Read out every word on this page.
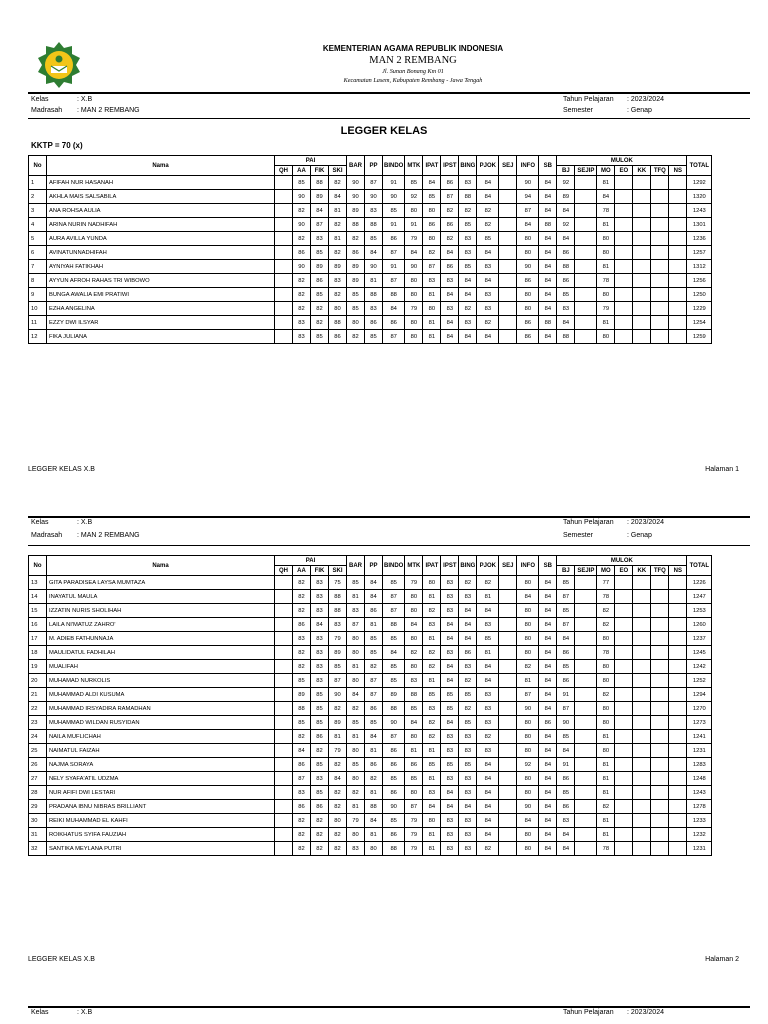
KEMENTERIAN AGAMA REPUBLIK INDONESIA
MAN 2 REMBANG
Jl. Sunan Bonang Km 01
Kecamatan Lasem, Kabupaten Rembang - Jawa Tengah
Kelas	: X.B
Madrasah : MAN 2 REMBANG
Tahun Pelajaran : 2023/2024
Semester	: Genap
LEGGER KELAS
KKTP = 70 (x)
No	Nama	PAI				BAR	PP	BINDO	MTK	IPAT	IPST	BING	PJOK	SEJ	INFO	SB	MULOK							TOTAL
		QH	AA	FIK	SKI												BJ	SEJIP	MO	EO	KK	TFQ	NS	
1	AFIFAH NUR HASANAH		85	88	82	90	87	91	85	84	86	83	84		90	84	92		81					1292
2	AKHLA MAIS SALSABILA		90	89	84	90	90	90	92	85	87	88	84		94	84	89		84					1320
3	ANA ROHSA AULIA		82	84	81	89	83	85	80	80	82	82	82		87	84	84		78					1243
4	ARINA NURIN NADHIFAH		90	87	82	88	88	91	91	86	86	85	82		84	88	92		81					1301
5	AURA AVILLA YUNDA		82	83	81	82	85	86	79	80	82	83	85		80	84	84		80					1236
6	AVINATUNNADHIFAH		86	85	82	86	84	87	84	82	84	83	84		80	84	86		80					1257
7	AYNIYAH FATIKHAH		90	89	89	89	90	91	90	87	86	85	83		90	84	88		81					1312
8	AYYUN AFROH RAHAS TRI WIBOWO		82	86	83	89	81	87	80	83	83	84	84		86	84	86		78					1256
9	BUNGA AWALIA EMI PRATIWI		82	85	82	85	88	88	80	81	84	84	83		80	84	85		80					1250
10	EZHA ANGELINA		82	82	80	85	83	84	79	80	83	82	83		80	84	83		79					1229
11	EZZY DWI ILSYAR		83	82	88	80	86	86	80	81	84	83	82		86	88	84		81					1254
12	FIKA JULIANA		83	85	86	82	85	87	80	81	84	84	84		86	84	88		80					1259
LEGGER KELAS X.B	Halaman 1
Kelas	: X.B
Madrasah : MAN 2 REMBANG
Tahun Pelajaran : 2023/2024
Semester	: Genap
No	Nama	PAI				BAR	PP	BINDO	MTK	IPAT	IPST	BING	PJOK	SEJ	INFO	SB	MULOK							TOTAL
		QH	AA	FIK	SKI												BJ	SEJIP	MO	EO	KK	TFQ	NS	
13	GITA PARADISEA LAYSA MUMTAZA		82	83	75	85	84	85	79	80	83	82	82		80	84	85		77					1226
14	INAYATUL MAULA		82	83	88	81	84	87	80	81	83	83	81		84	84	87		78					1247
15	IZZATIN NURIS SHOLIHAH		82	83	88	83	86	87	80	82	83	84	84		80	84	85		82					1253
16	LAILA NI'MATUZ ZAHRO'		86	84	83	87	81	88	84	83	84	84	83		80	84	87		82					1260
17	M. ADIEB FATHUNNAJA		83	83	79	80	85	85	80	81	84	84	85		80	84	84		80					1237
18	MAULIDATUL FADHILAH		82	83	89	80	85	84	82	82	83	86	81		80	84	86		78					1245
19	MUALIFAH		82	83	85	81	82	85	80	82	84	83	84		82	84	85		80					1242
20	MUHAMAD NURKOLIS		85	83	87	80	87	85	83	81	84	82	84		81	84	86		80					1252
21	MUHAMMAD ALDI KUSUMA		89	85	90	84	87	89	88	85	85	85	83		87	84	91		82					1294
22	MUHAMMAD IRSYADIRA RAMADHAN		88	85	82	82	86	88	85	83	85	82	83		90	84	87		80					1270
23	MUHAMMAD WILDAN RUSYIDAN		85	85	89	85	85	90	84	82	84	85	83		80	86	90		80					1273
24	NAILA MUFLICHAH		82	86	81	81	84	87	80	82	83	83	82		80	84	85		81					1241
25	NAIMATUL FAIZAH		84	82	79	80	81	86	81	81	83	83	83		80	84	84		80					1231
26	NAJMA SORAYA		86	85	82	85	86	86	86	85	85	85	84		92	84	91		81					1283
27	NELY SYAFA'ATIL UDZMA		87	83	84	80	82	85	85	81	83	83	84		80	84	86		81					1248
28	NUR AFIFI DWI LESTARI		83	85	82	82	81	86	80	83	84	83	84		80	84	85		81					1243
29	PRADANA IBNU NIBRAS BRILLIANT		86	86	82	81	88	90	87	84	84	84	84		90	84	86		82					1278
30	REIKI MUHAMMAD EL KAHFI		82	82	80	79	84	85	79	80	83	83	84		84	84	83		81					1233
31	ROIKHATUS SYIFA FAUZIAH		82	82	82	80	81	86	79	81	83	83	84		80	84	84		81					1232
32	SANTIKA MEYLANA PUTRI		82	82	82	83	80	88	79	81	83	83	82		80	84	84		78					1231
LEGGER KELAS X.B	Halaman 2
Kelas	: X.B	Tahun Pelajaran : 2023/2024
